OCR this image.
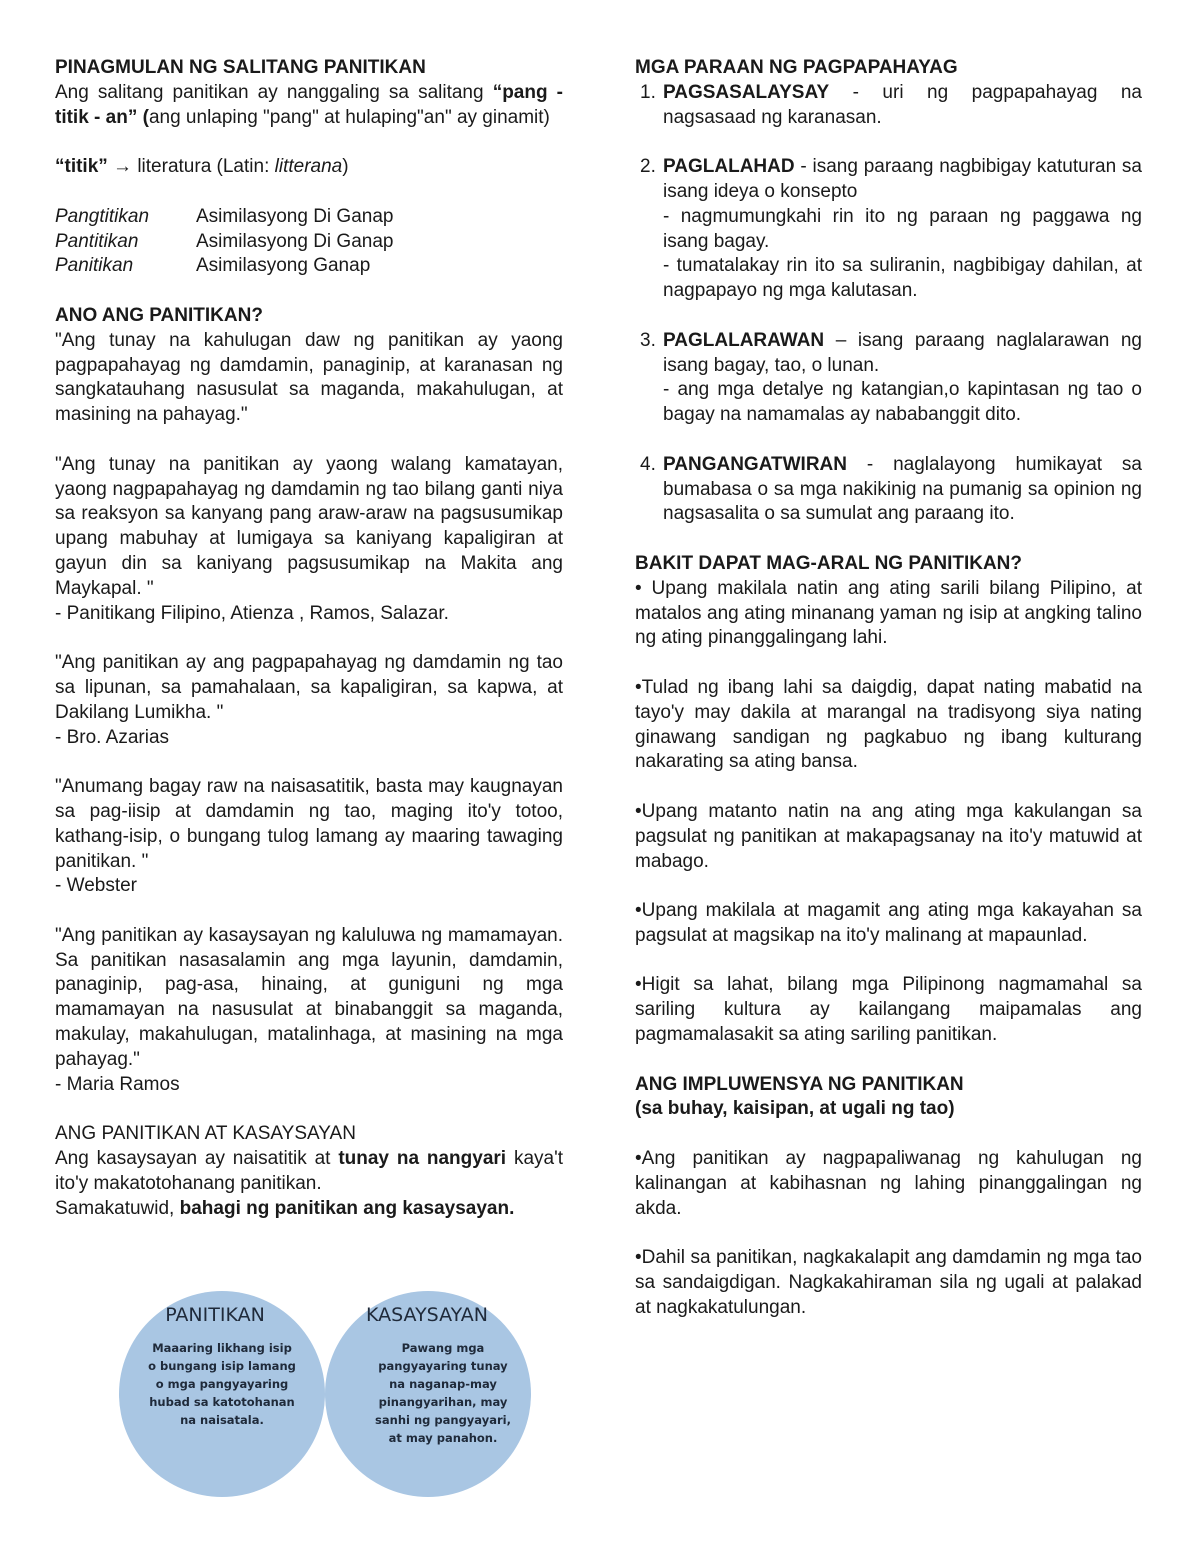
PINAGMULAN NG SALITANG PANITIKAN

Ang salitang panitikan ay nanggaling sa salitang “pang - titik - an” (ang unlaping "pang" at hulaping"an" ay ginamit)

“titik” → literatura (Latin: litterana)

Pangtitikan	Asimilasyong Di Ganap
Pantitikan	Asimilasyong Di Ganap
Panitikan	Asimilasyong Ganap

ANO ANG PANITIKAN?

"Ang tunay na kahulugan daw ng panitikan ay yaong pagpapahayag ng damdamin, panaginip, at karanasan ng sangkatauhang nasusulat sa maganda, makahulugan, at masining na pahayag."

"Ang tunay na panitikan ay yaong walang kamatayan, yaong nagpapahayag ng damdamin ng tao bilang ganti niya sa reaksyon sa kanyang pang araw-araw na pagsusumikap upang mabuhay at lumigaya sa kaniyang kapaligiran at gayun din sa kaniyang pagsusumikap na Makita ang Maykapal. "

- Panitikang Filipino, Atienza , Ramos, Salazar.

"Ang panitikan ay ang pagpapahayag ng damdamin ng tao sa lipunan, sa pamahalaan, sa kapaligiran, sa kapwa, at Dakilang Lumikha. "

- Bro. Azarias

"Anumang bagay raw na naisasatitik, basta may kaugnayan sa pag-iisip at damdamin ng tao, maging ito'y totoo, kathang-isip, o bungang tulog lamang ay maaring tawaging panitikan. "

- Webster

"Ang panitikan ay kasaysayan ng kaluluwa ng mamamayan. Sa panitikan nasasalamin ang mga layunin, damdamin, panaginip, pag-asa, hinaing, at guniguni ng mga mamamayan na nasusulat at binabanggit sa maganda, makulay, makahulugan, matalinhaga, at masining na mga pahayag."

- Maria Ramos

ANG PANITIKAN AT KASAYSAYAN

Ang kasaysayan ay naisatitik at tunay na nangyari kaya't ito'y makatotohanang panitikan.

Samakatuwid, bahagi ng panitikan ang kasaysayan.

PANITIKAN	KASAYSAYAN
Maaaring likhang isip
o bungang isip lamang
o mga pangyayaring
hubad sa katotohanan
na naisatala.
Pawang mga
pangyayaring tunay
na naganap-may
pinangyarihan, may
sanhi ng pangyayari,
at may panahon.

MGA PARAAN NG PAGPAPAHAYAG

1. PAGSASALAYSAY - uri ng pagpapahayag na nagsasaad ng karanasan.
2. PAGLALAHAD - isang paraang nagbibigay katuturan sa isang ideya o konsepto

- nagmumungkahi rin ito ng paraan ng paggawa ng isang bagay.

- tumatalakay rin ito sa suliranin, nagbibigay dahilan, at nagpapayo ng mga kalutasan.

3. PAGLALARAWAN – isang paraang naglalarawan ng isang bagay, tao, o lunan.

- ang mga detalye ng katangian,o kapintasan ng tao o bagay na namamalas ay nababanggit dito.

4. PANGANGATWIRAN - naglalayong humikayat sa bumabasa o sa mga nakikinig na pumanig sa opinion ng nagsasalita o sa sumulat ang paraang ito.

BAKIT DAPAT MAG-ARAL NG PANITIKAN?

• Upang makilala natin ang ating sarili bilang Pilipino, at matalos ang ating minanang yaman ng isip at angking talino ng ating pinanggalingang lahi.

•Tulad ng ibang lahi sa daigdig, dapat nating mabatid na tayo'y may dakila at marangal na tradisyong siya nating ginawang sandigan ng pagkabuo ng ibang kulturang nakarating sa ating bansa.

•Upang matanto natin na ang ating mga kakulangan sa pagsulat ng panitikan at makapagsanay na ito'y matuwid at mabago.

•Upang makilala at magamit ang ating mga kakayahan sa pagsulat at magsikap na ito'y malinang at mapaunlad.

•Higit sa lahat, bilang mga Pilipinong nagmamahal sa sariling kultura ay kailangang maipamalas ang pagmamalasakit sa ating sariling panitikan.

ANG IMPLUWENSYA NG PANITIKAN

(sa buhay, kaisipan, at ugali ng tao)

•Ang panitikan ay nagpapaliwanag ng kahulugan ng kalinangan at kabihasnan ng lahing pinanggalingan ng akda.

•Dahil sa panitikan, nagkakalapit ang damdamin ng mga tao sa sandaigdigan. Nagkakahiraman sila ng ugali at palakad at nagkakatulungan.
